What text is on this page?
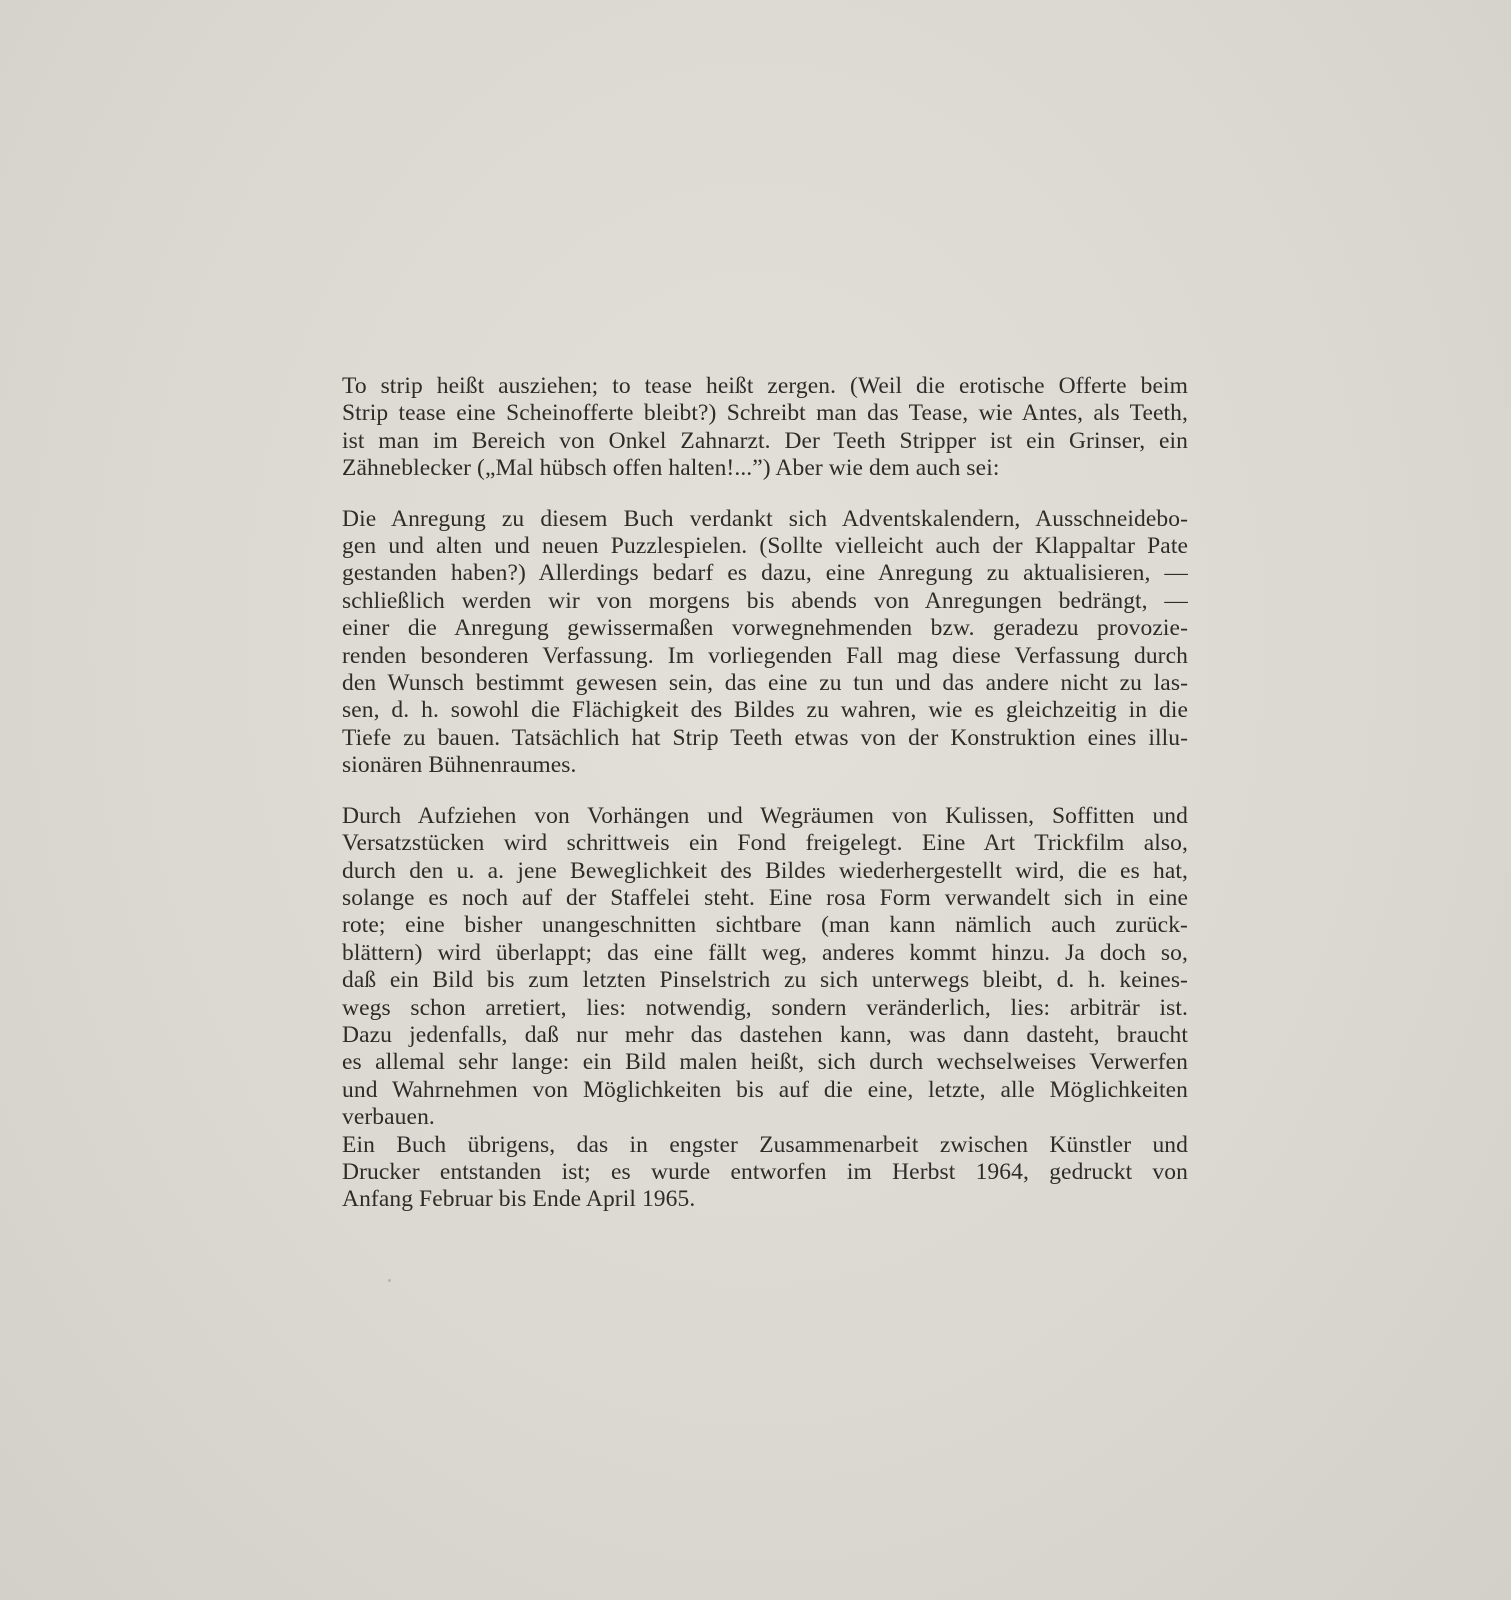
To strip heißt ausziehen; to tease heißt zergen. (Weil die erotische Offerte beim
Strip tease eine Scheinofferte bleibt?) Schreibt man das Tease, wie Antes, als Teeth,
ist man im Bereich von Onkel Zahnarzt. Der Teeth Stripper ist ein Grinser, ein
Zähneblecker („Mal hübsch offen halten!...”) Aber wie dem auch sei:
Die Anregung zu diesem Buch verdankt sich Adventskalendern, Ausschneidebo-
gen und alten und neuen Puzzlespielen. (Sollte vielleicht auch der Klappaltar Pate
gestanden haben?) Allerdings bedarf es dazu, eine Anregung zu aktualisieren, —
schließlich werden wir von morgens bis abends von Anregungen bedrängt, —
einer die Anregung gewissermaßen vorwegnehmenden bzw. geradezu provozie-
renden besonderen Verfassung. Im vorliegenden Fall mag diese Verfassung durch
den Wunsch bestimmt gewesen sein, das eine zu tun und das andere nicht zu las-
sen, d. h. sowohl die Flächigkeit des Bildes zu wahren, wie es gleichzeitig in die
Tiefe zu bauen. Tatsächlich hat Strip Teeth etwas von der Konstruktion eines illu-
sionären Bühnenraumes.
Durch Aufziehen von Vorhängen und Wegräumen von Kulissen, Soffitten und
Versatzstücken wird schrittweis ein Fond freigelegt. Eine Art Trickfilm also,
durch den u. a. jene Beweglichkeit des Bildes wiederhergestellt wird, die es hat,
solange es noch auf der Staffelei steht. Eine rosa Form verwandelt sich in eine
rote; eine bisher unangeschnitten sichtbare (man kann nämlich auch zurück-
blättern) wird überlappt; das eine fällt weg, anderes kommt hinzu. Ja doch so,
daß ein Bild bis zum letzten Pinselstrich zu sich unterwegs bleibt, d. h. keines-
wegs schon arretiert, lies: notwendig, sondern veränderlich, lies: arbiträr ist.
Dazu jedenfalls, daß nur mehr das dastehen kann, was dann dasteht, braucht
es allemal sehr lange: ein Bild malen heißt, sich durch wechselweises Verwerfen
und Wahrnehmen von Möglichkeiten bis auf die eine, letzte, alle Möglichkeiten
verbauen.
Ein Buch übrigens, das in engster Zusammenarbeit zwischen Künstler und
Drucker entstanden ist; es wurde entworfen im Herbst 1964, gedruckt von
Anfang Februar bis Ende April 1965.
